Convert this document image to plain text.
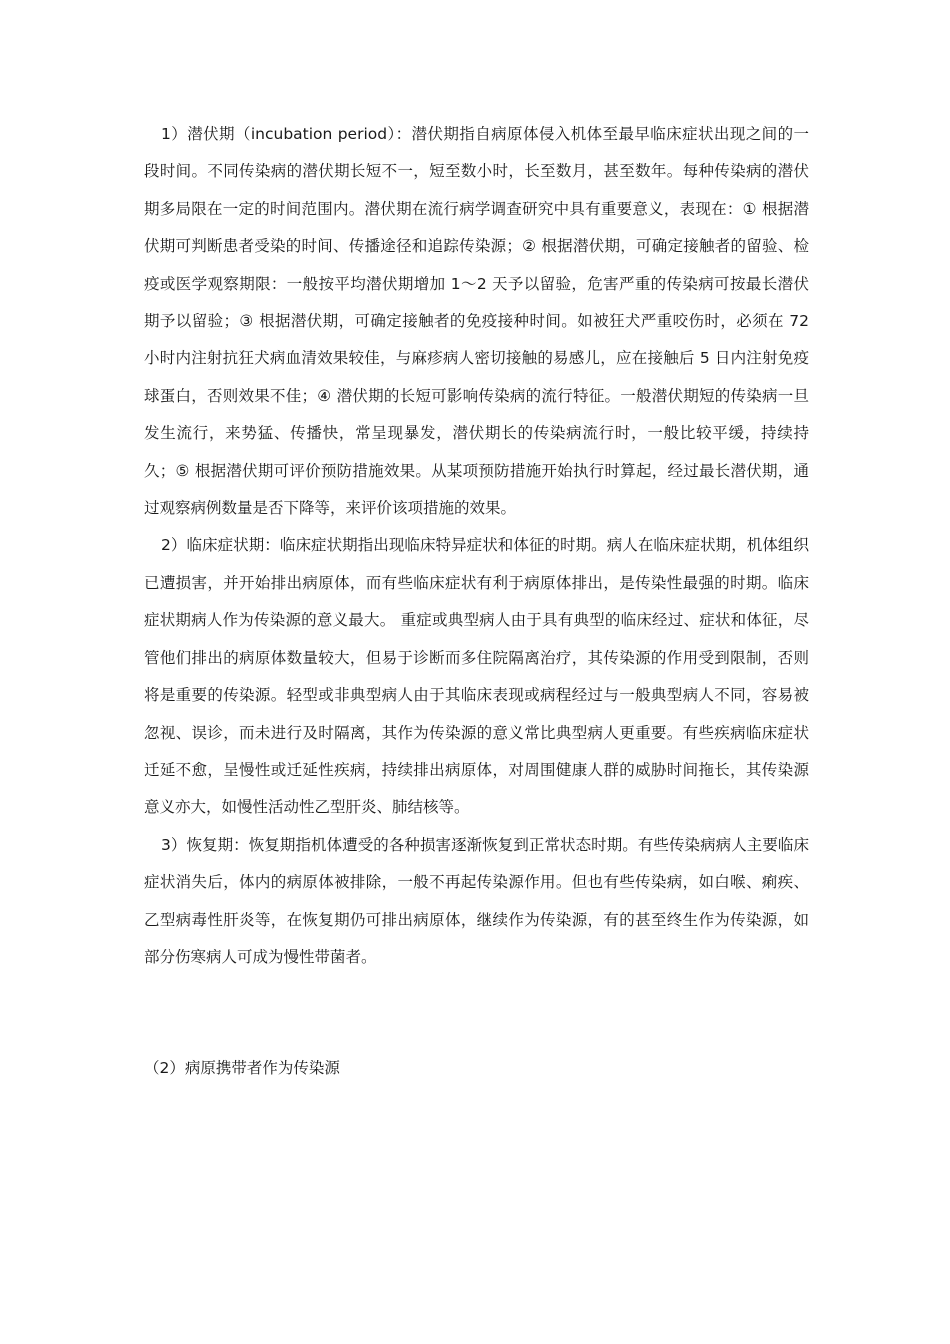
1）潜伏期（incubation period）：潜伏期指自病原体侵入机体至最早临床症状出现之间的一段时间。不同传染病的潜伏期长短不一，短至数小时，长至数月，甚至数年。每种传染病的潜伏期多局限在一定的时间范围内。潜伏期在流行病学调查研究中具有重要意义，表现在：① 根据潜伏期可判断患者受染的时间、传播途径和追踪传染源；② 根据潜伏期，可确定接触者的留验、检疫或医学观察期限：一般按平均潜伏期增加 1～2 天予以留验，危害严重的传染病可按最长潜伏期予以留验；③ 根据潜伏期，可确定接触者的免疫接种时间。如被狂犬严重咬伤时，必须在 72 小时内注射抗狂犬病血清效果较佳，与麻疹病人密切接触的易感儿，应在接触后 5 日内注射免疫球蛋白，否则效果不佳；④ 潜伏期的长短可影响传染病的流行特征。一般潜伏期短的传染病一旦发生流行，来势猛、传播快，常呈现暴发，潜伏期长的传染病流行时，一般比较平缓，持续持久；⑤ 根据潜伏期可评价预防措施效果。从某项预防措施开始执行时算起，经过最长潜伏期，通过观察病例数量是否下降等，来评价该项措施的效果。

2）临床症状期：临床症状期指出现临床特异症状和体征的时期。病人在临床症状期，机体组织已遭损害，并开始排出病原体，而有些临床症状有利于病原体排出，是传染性最强的时期。临床症状期病人作为传染源的意义最大。 重症或典型病人由于具有典型的临床经过、症状和体征，尽管他们排出的病原体数量较大，但易于诊断而多住院隔离治疗，其传染源的作用受到限制，否则将是重要的传染源。轻型或非典型病人由于其临床表现或病程经过与一般典型病人不同，容易被忽视、误诊，而未进行及时隔离，其作为传染源的意义常比典型病人更重要。有些疾病临床症状迁延不愈，呈慢性或迁延性疾病，持续排出病原体，对周围健康人群的威胁时间拖长，其传染源意义亦大，如慢性活动性乙型肝炎、肺结核等。

3）恢复期：恢复期指机体遭受的各种损害逐渐恢复到正常状态时期。有些传染病病人主要临床症状消失后，体内的病原体被排除，一般不再起传染源作用。但也有些传染病，如白喉、痢疾、乙型病毒性肝炎等，在恢复期仍可排出病原体，继续作为传染源，有的甚至终生作为传染源，如部分伤寒病人可成为慢性带菌者。

（2）病原携带者作为传染源
